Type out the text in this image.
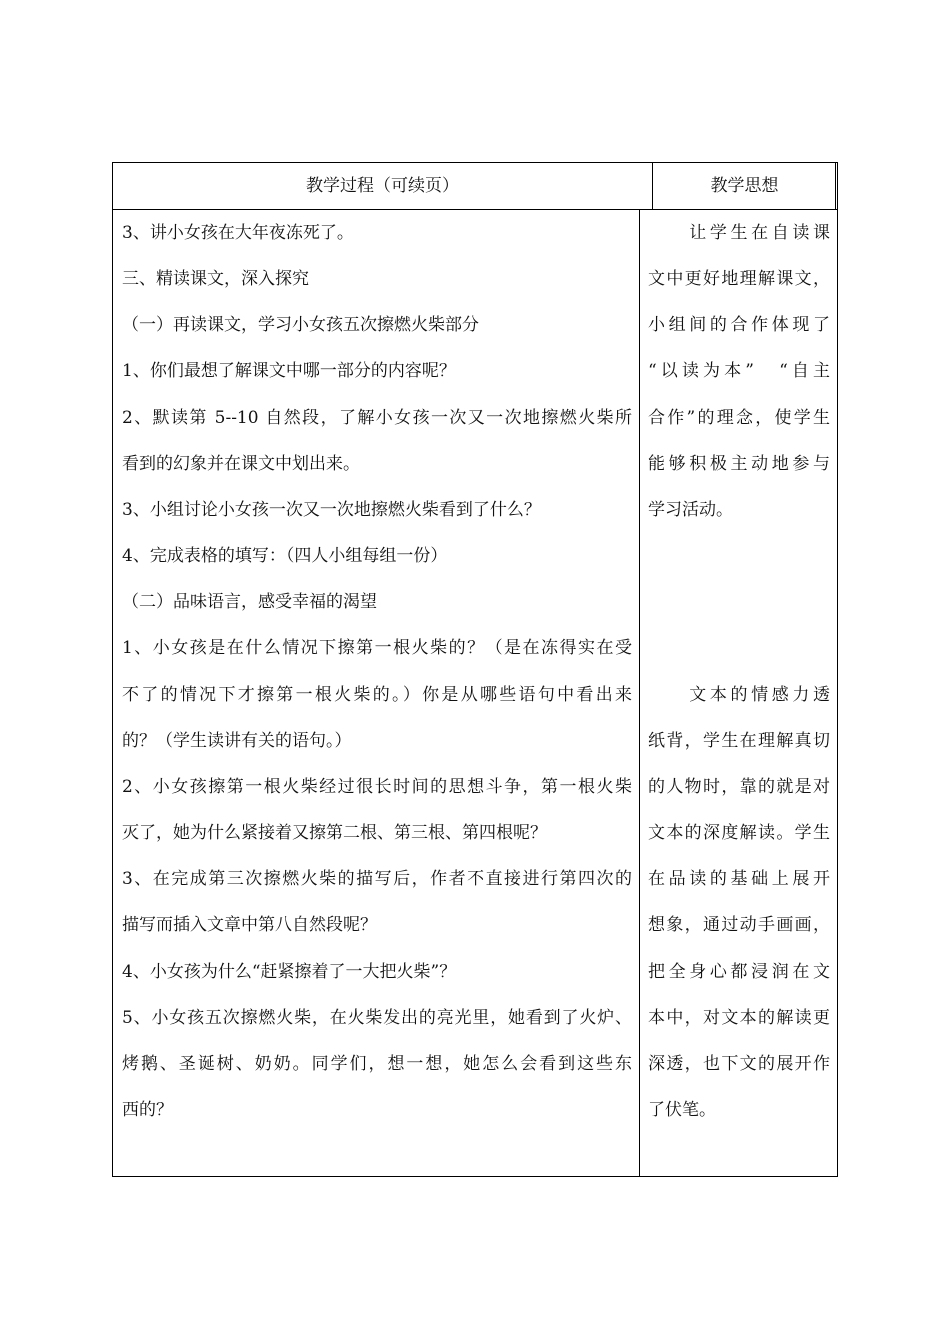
教学过程（可续页）	教学思想
3、讲小女孩在大年夜冻死了。
三、精读课文，深入探究
（一）再读课文，学习小女孩五次擦燃火柴部分
1、你们最想了解课文中哪一部分的内容呢？
2、默读第 5--10 自然段，了解小女孩一次又一次地擦燃火柴所
看到的幻象并在课文中划出来。
3、小组讨论小女孩一次又一次地擦燃火柴看到了什么？
4、完成表格的填写：（四人小组每组一份）
（二）品味语言，感受幸福的渴望
1、小女孩是在什么情况下擦第一根火柴的？（是在冻得实在受
不了的情况下才擦第一根火柴的。）你是从哪些语句中看出来
的？（学生读讲有关的语句。）
2、小女孩擦第一根火柴经过很长时间的思想斗争，第一根火柴
灭了，她为什么紧接着又擦第二根、第三根、第四根呢？
3、在完成第三次擦燃火柴的描写后，作者不直接进行第四次的
描写而插入文章中第八自然段呢？
4、小女孩为什么“赶紧擦着了一大把火柴”？
5、小女孩五次擦燃火柴，在火柴发出的亮光里，她看到了火炉、
烤鹅、圣诞树、奶奶。同学们，想一想，她怎么会看到这些东
西的？
　　让学生在自读课
文中更好地理解课文，
小组间的合作体现了
“以读为本”　“自主
合作”的理念，使学生
能够积极主动地参与
学习活动。
　　文本的情感力透
纸背，学生在理解真切
的人物时，靠的就是对
文本的深度解读。学生
在品读的基础上展开
想象，通过动手画画，
把全身心都浸润在文
本中，对文本的解读更
深透，也下文的展开作
了伏笔。
